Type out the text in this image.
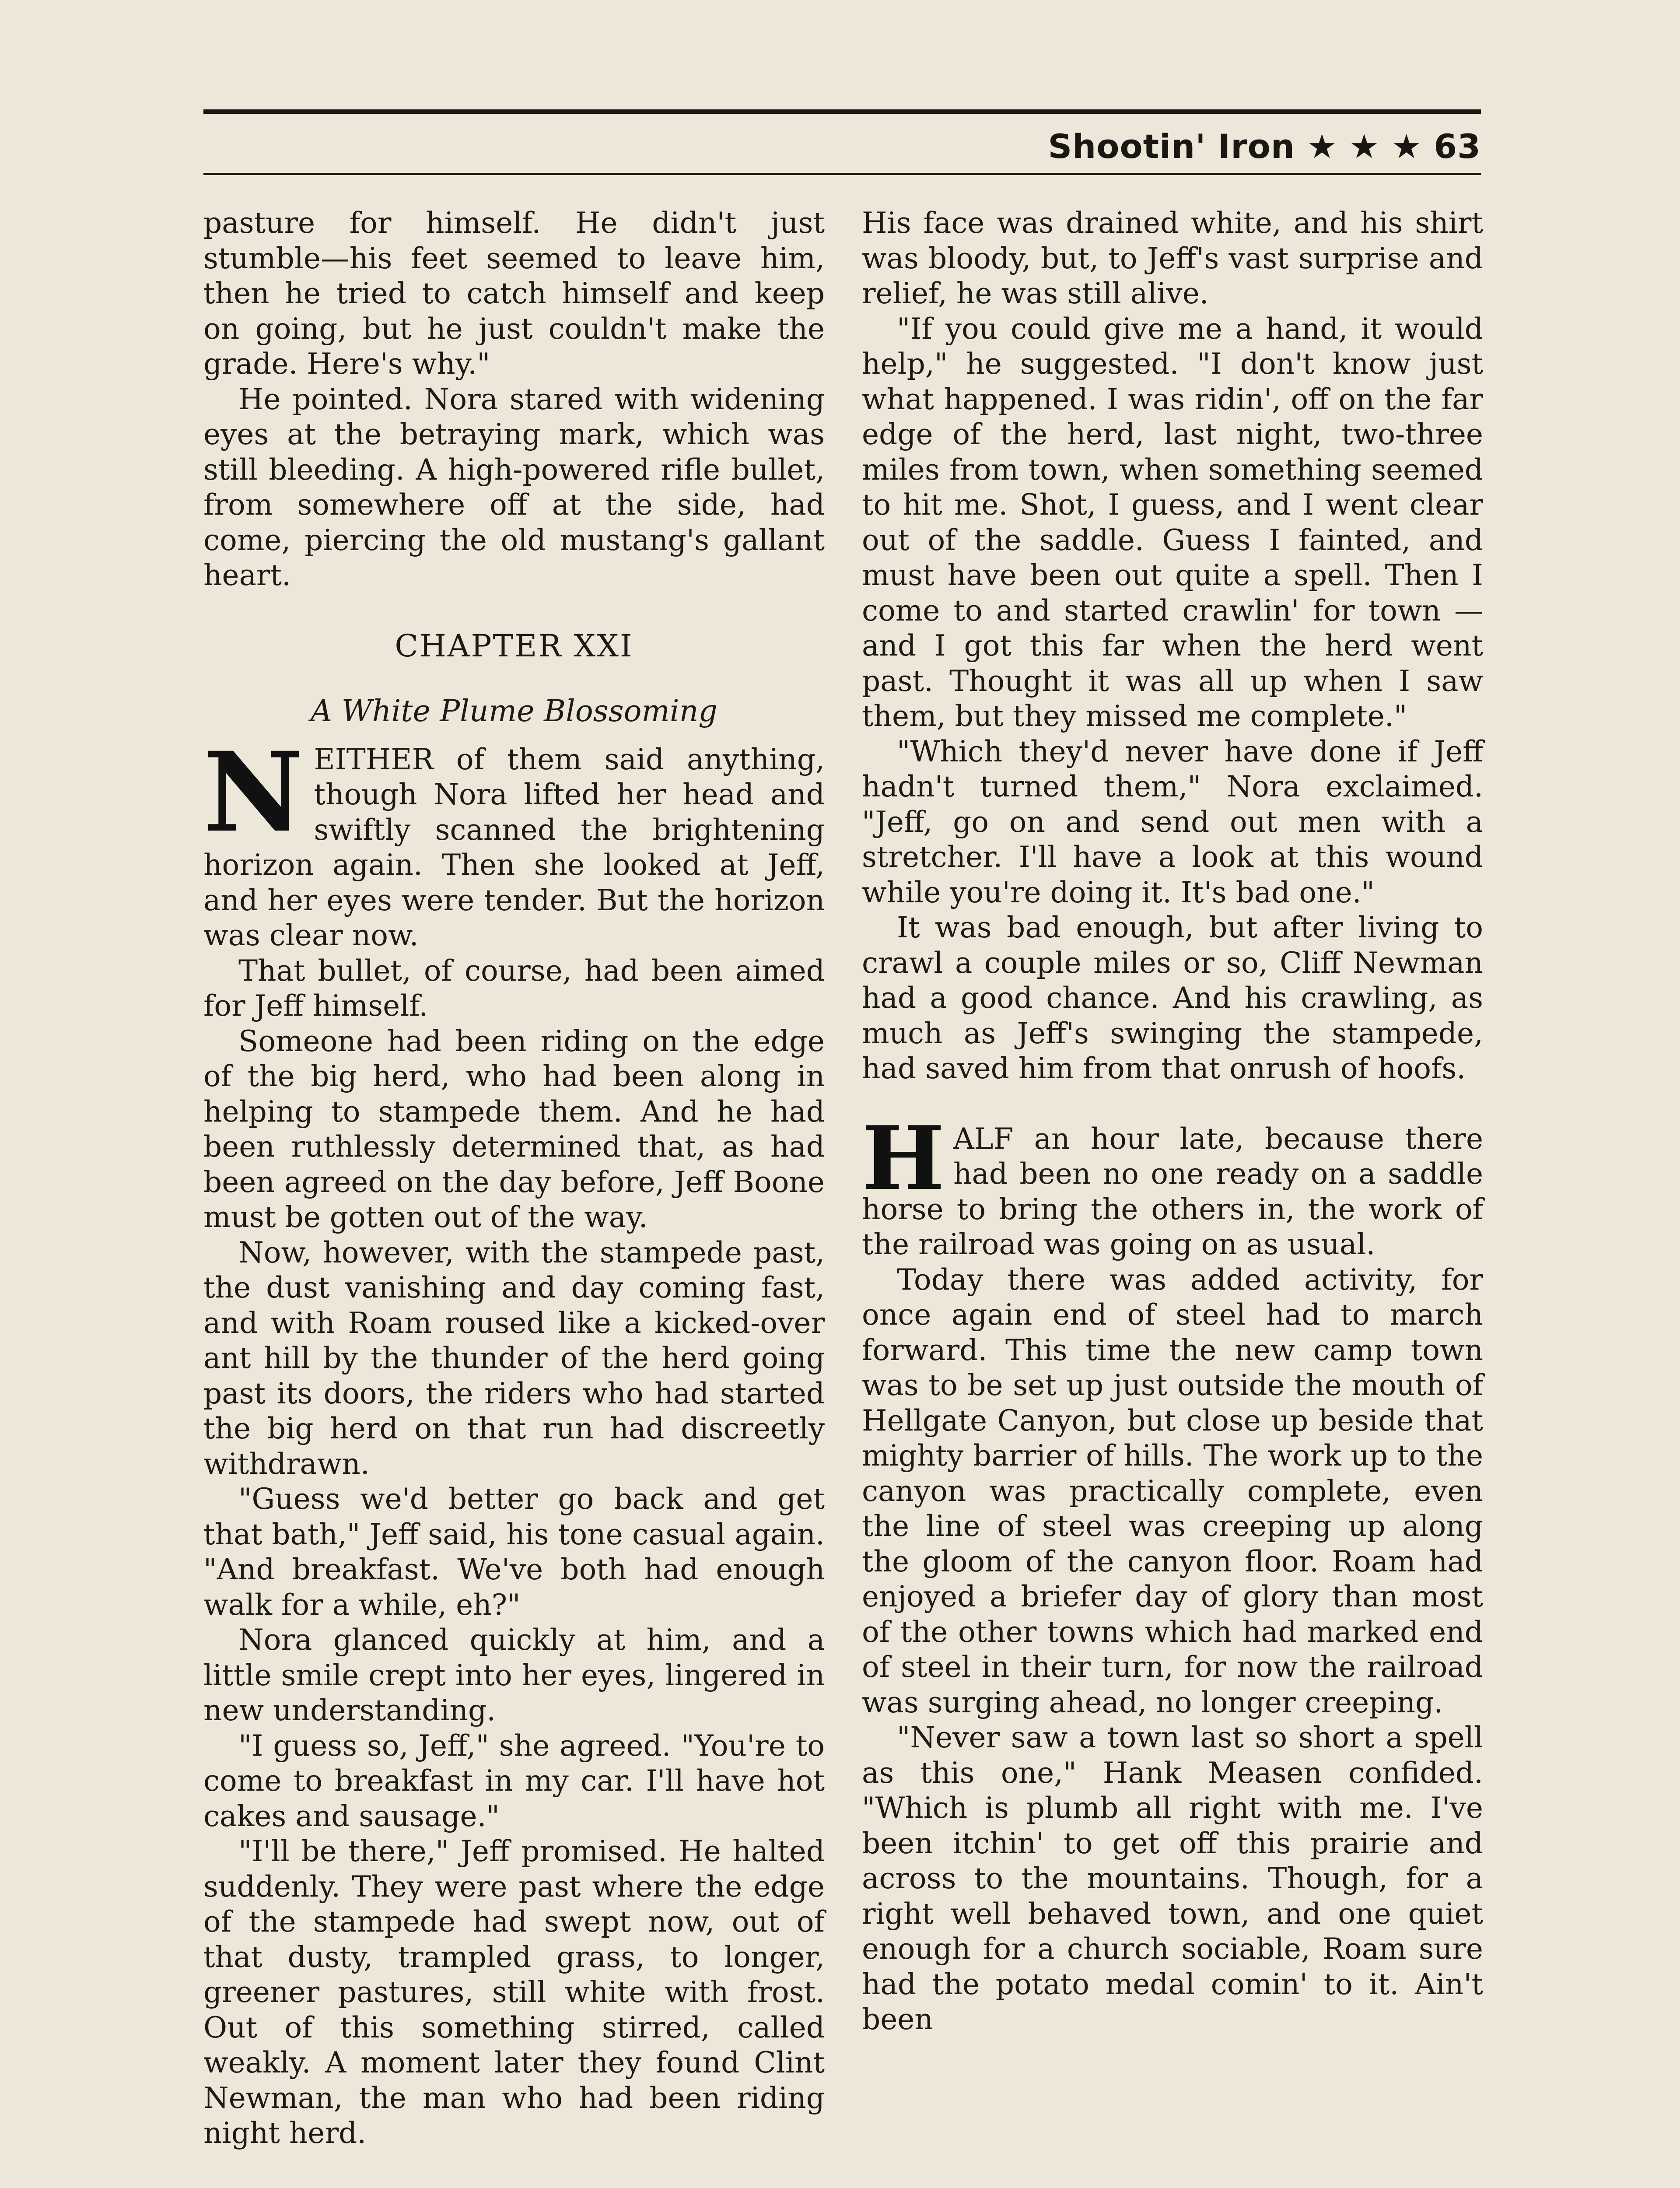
Shootin' Iron ★ ★ ★ 63

pasture for himself. He didn't just stumble—his feet seemed to leave him, then he tried to catch himself and keep on going, but he just couldn't make the grade. Here's why."

He pointed. Nora stared with widening eyes at the betraying mark, which was still bleeding. A high-powered rifle bullet, from somewhere off at the side, had come, piercing the old mustang's gallant heart.

CHAPTER XXI
A White Plume Blossoming

NEITHER of them said anything, though Nora lifted her head and swiftly scanned the brightening horizon again. Then she looked at Jeff, and her eyes were tender. But the horizon was clear now.

That bullet, of course, had been aimed for Jeff himself.

Someone had been riding on the edge of the big herd, who had been along in helping to stampede them. And he had been ruthlessly determined that, as had been agreed on the day before, Jeff Boone must be gotten out of the way.

Now, however, with the stampede past, the dust vanishing and day coming fast, and with Roam roused like a kicked-over ant hill by the thunder of the herd going past its doors, the riders who had started the big herd on that run had discreetly withdrawn.

"Guess we'd better go back and get that bath," Jeff said, his tone casual again. "And breakfast. We've both had enough walk for a while, eh?"

Nora glanced quickly at him, and a little smile crept into her eyes, lingered in new understanding.

"I guess so, Jeff," she agreed. "You're to come to breakfast in my car. I'll have hot cakes and sausage."

"I'll be there," Jeff promised. He halted suddenly. They were past where the edge of the stampede had swept now, out of that dusty, trampled grass, to longer, greener pastures, still white with frost. Out of this something stirred, called weakly. A moment later they found Clint Newman, the man who had been riding night herd.

His face was drained white, and his shirt was bloody, but, to Jeff's vast surprise and relief, he was still alive.

"If you could give me a hand, it would help," he suggested. "I don't know just what happened. I was ridin', off on the far edge of the herd, last night, two-three miles from town, when something seemed to hit me. Shot, I guess, and I went clear out of the saddle. Guess I fainted, and must have been out quite a spell. Then I come to and started crawlin' for town —and I got this far when the herd went past. Thought it was all up when I saw them, but they missed me complete."

"Which they'd never have done if Jeff hadn't turned them," Nora exclaimed. "Jeff, go on and send out men with a stretcher. I'll have a look at this wound while you're doing it. It's bad one."

It was bad enough, but after living to crawl a couple miles or so, Cliff Newman had a good chance. And his crawling, as much as Jeff's swinging the stampede, had saved him from that onrush of hoofs.

HALF an hour late, because there had been no one ready on a saddle horse to bring the others in, the work of the railroad was going on as usual.

Today there was added activity, for once again end of steel had to march forward. This time the new camp town was to be set up just outside the mouth of Hellgate Canyon, but close up beside that mighty barrier of hills. The work up to the canyon was practically complete, even the line of steel was creeping up along the gloom of the canyon floor. Roam had enjoyed a briefer day of glory than most of the other towns which had marked end of steel in their turn, for now the railroad was surging ahead, no longer creeping.

"Never saw a town last so short a spell as this one," Hank Measen confided. "Which is plumb all right with me. I've been itchin' to get off this prairie and across to the mountains. Though, for a right well behaved town, and one quiet enough for a church sociable, Roam sure had the potato medal comin' to it. Ain't been
